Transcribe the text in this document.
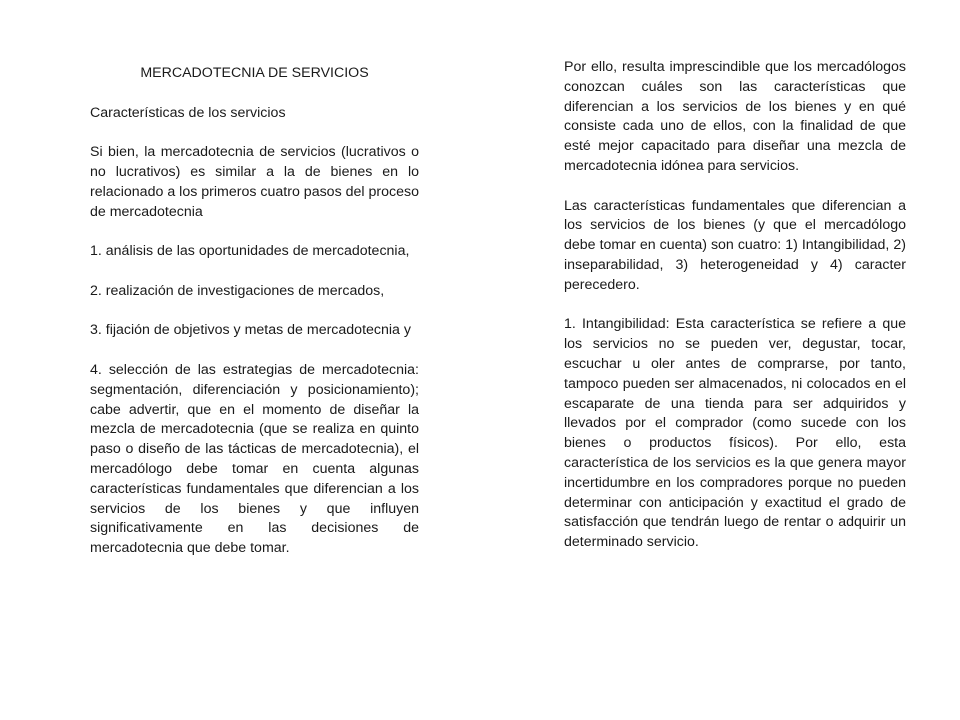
MERCADOTECNIA DE SERVICIOS

Características de los servicios

Si bien, la mercadotecnia de servicios (lucrativos o no lucrativos) es similar a la de bienes en lo relacionado a los primeros cuatro pasos del proceso de mercadotecnia

1. análisis de las oportunidades de mercadotecnia,

2. realización de investigaciones de mercados,

3. fijación de objetivos y metas de mercadotecnia y

4. selección de las estrategias de mercadotecnia: segmentación, diferenciación y posicionamiento); cabe advertir, que en el momento de diseñar la mezcla de mercadotecnia (que se realiza en quinto paso o diseño de las tácticas de mercadotecnia), el mercadólogo debe tomar en cuenta algunas características fundamentales que diferencian a los servicios de los bienes y que influyen significativamente en las decisiones de mercadotecnia que debe tomar.

Por ello, resulta imprescindible que los mercadólogos conozcan cuáles son las características que diferencian a los servicios de los bienes y en qué consiste cada uno de ellos, con la finalidad de que esté mejor capacitado para diseñar una mezcla de mercadotecnia idónea para servicios.

Las características fundamentales que diferencian a los servicios de los bienes (y que el mercadólogo debe tomar en cuenta) son cuatro: 1) Intangibilidad, 2) inseparabilidad, 3) heterogeneidad y 4) caracter perecedero.

1. Intangibilidad: Esta característica se refiere a que los servicios no se pueden ver, degustar, tocar, escuchar u oler antes de comprarse, por tanto, tampoco pueden ser almacenados, ni colocados en el escaparate de una tienda para ser adquiridos y llevados por el comprador (como sucede con los bienes o productos físicos). Por ello, esta característica de los servicios es la que genera mayor incertidumbre en los compradores porque no pueden determinar con anticipación y exactitud el grado de satisfacción que tendrán luego de rentar o adquirir un determinado servicio.
